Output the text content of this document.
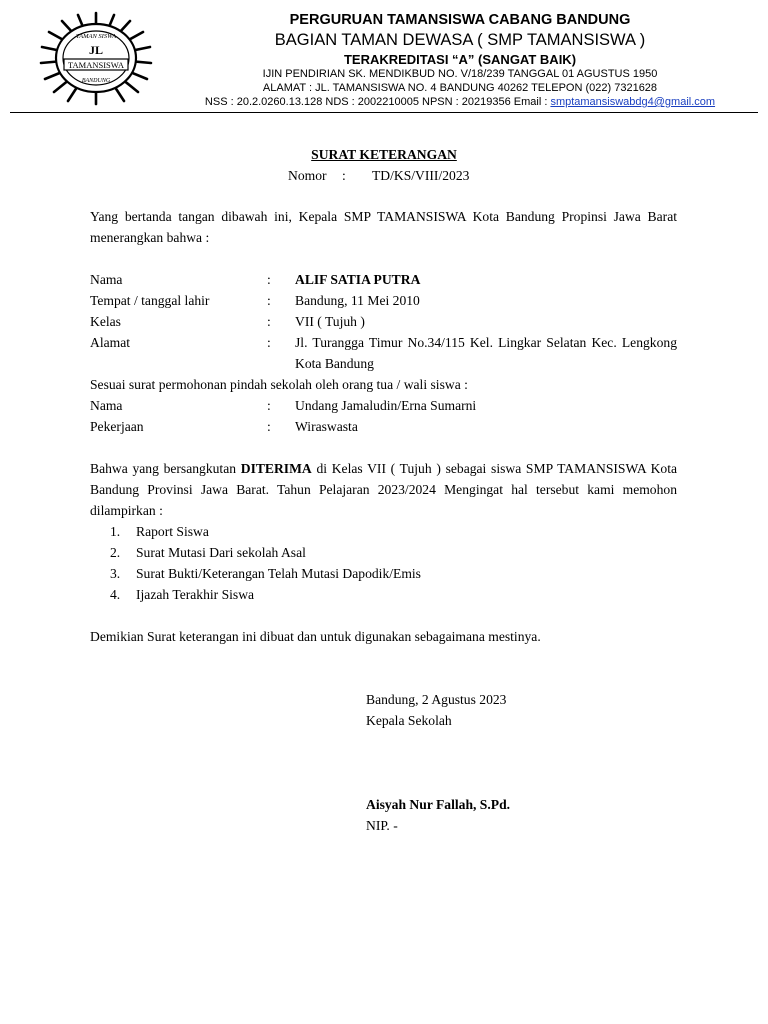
TAMAN SISWA
JL
TAMANSISWA
BANDUNG
PERGURUAN TAMANSISWA CABANG BANDUNG
BAGIAN TAMAN DEWASA ( SMP TAMANSISWA )
TERAKREDITASI “A” (SANGAT BAIK)
IJIN PENDIRIAN SK. MENDIKBUD NO. V/18/239 TANGGAL 01 AGUSTUS 1950
ALAMAT : JL. TAMANSISWA NO. 4 BANDUNG 40262 TELEPON (022) 7321628
NSS : 20.2.0260.13.128 NDS : 2002210005 NPSN : 20219356 Email : smptamansiswabdg4@gmail.com
SURAT KETERANGAN
Nomor : TD/KS/VIII/2023
Yang bertanda tangan dibawah ini, Kepala SMP TAMANSISWA Kota Bandung Propinsi Jawa Barat menerangkan bahwa :
Nama	: ALIF SATIA PUTRA
Tempat / tanggal lahir	: Bandung, 11 Mei 2010
Kelas	: VII ( Tujuh )
Alamat	: Jl. Turangga Timur No.34/115 Kel. Lingkar Selatan Kec. Lengkong Kota Bandung
Sesuai surat permohonan pindah sekolah oleh orang tua / wali siswa :
Nama	: Undang Jamaludin/Erna Sumarni
Pekerjaan	: Wiraswasta
Bahwa yang bersangkutan DITERIMA di Kelas VII ( Tujuh ) sebagai siswa SMP TAMANSISWA Kota Bandung Provinsi Jawa Barat. Tahun Pelajaran 2023/2024 Mengingat hal tersebut kami memohon dilampirkan :
1. Raport Siswa
2. Surat Mutasi Dari sekolah Asal
3. Surat Bukti/Keterangan Telah Mutasi Dapodik/Emis
4. Ijazah Terakhir Siswa
Demikian Surat keterangan ini dibuat dan untuk digunakan sebagaimana mestinya.
Bandung, 2 Agustus 2023
Kepala Sekolah
Aisyah Nur Fallah, S.Pd.
NIP. -
